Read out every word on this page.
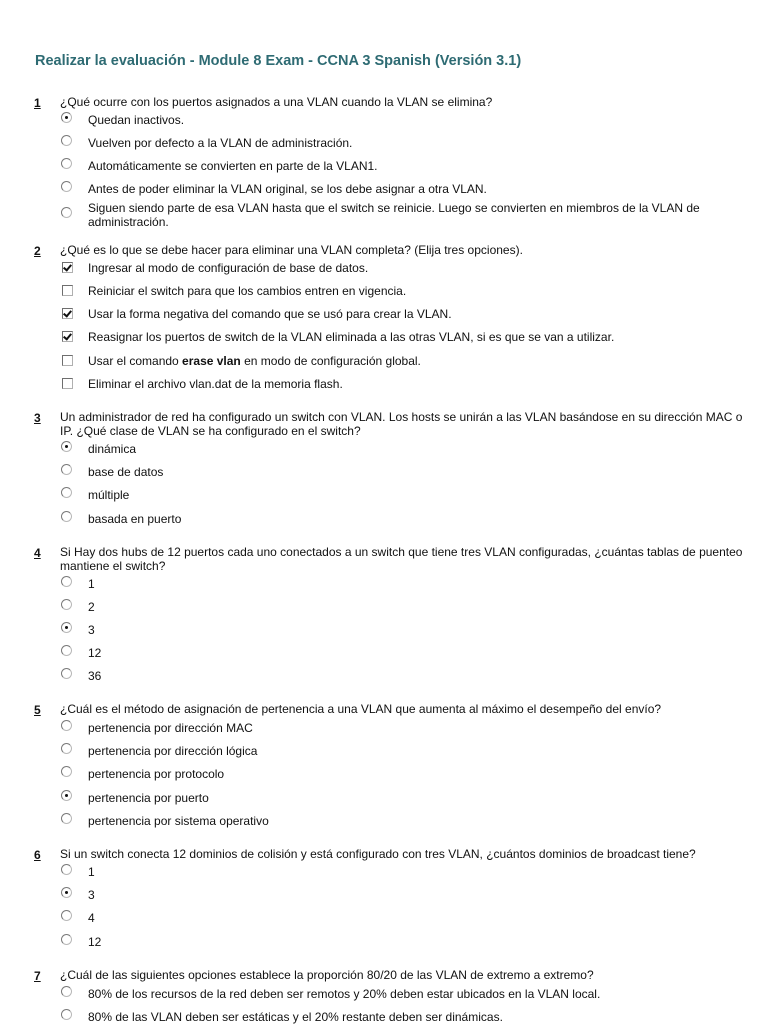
Realizar la evaluación - Module 8 Exam - CCNA 3 Spanish (Versión 3.1)
1 ¿Qué ocurre con los puertos asignados a una VLAN cuando la VLAN se elimina?
Quedan inactivos.
Vuelven por defecto a la VLAN de administración.
Automáticamente se convierten en parte de la VLAN1.
Antes de poder eliminar la VLAN original, se los debe asignar a otra VLAN.
Siguen siendo parte de esa VLAN hasta que el switch se reinicie. Luego se convierten en miembros de la VLAN de administración.
2 ¿Qué es lo que se debe hacer para eliminar una VLAN completa? (Elija tres opciones).
Ingresar al modo de configuración de base de datos.
Reiniciar el switch para que los cambios entren en vigencia.
Usar la forma negativa del comando que se usó para crear la VLAN.
Reasignar los puertos de switch de la VLAN eliminada a las otras VLAN, si es que se van a utilizar.
Usar el comando erase vlan en modo de configuración global.
Eliminar el archivo vlan.dat de la memoria flash.
3 Un administrador de red ha configurado un switch con VLAN. Los hosts se unirán a las VLAN basándose en su dirección MAC o IP. ¿Qué clase de VLAN se ha configurado en el switch?
dinámica
base de datos
múltiple
basada en puerto
4 Si Hay dos hubs de 12 puertos cada uno conectados a un switch que tiene tres VLAN configuradas, ¿cuántas tablas de puenteo mantiene el switch?
1
2
3
12
36
5 ¿Cuál es el método de asignación de pertenencia a una VLAN que aumenta al máximo el desempeño del envío?
pertenencia por dirección MAC
pertenencia por dirección lógica
pertenencia por protocolo
pertenencia por puerto
pertenencia por sistema operativo
6 Si un switch conecta 12 dominios de colisión y está configurado con tres VLAN, ¿cuántos dominios de broadcast tiene?
1
3
4
12
7 ¿Cuál de las siguientes opciones establece la proporción 80/20 de las VLAN de extremo a extremo?
80% de los recursos de la red deben ser remotos y 20% deben estar ubicados en la VLAN local.
80% de las VLAN deben ser estáticas y el 20% restante deben ser dinámicas.
